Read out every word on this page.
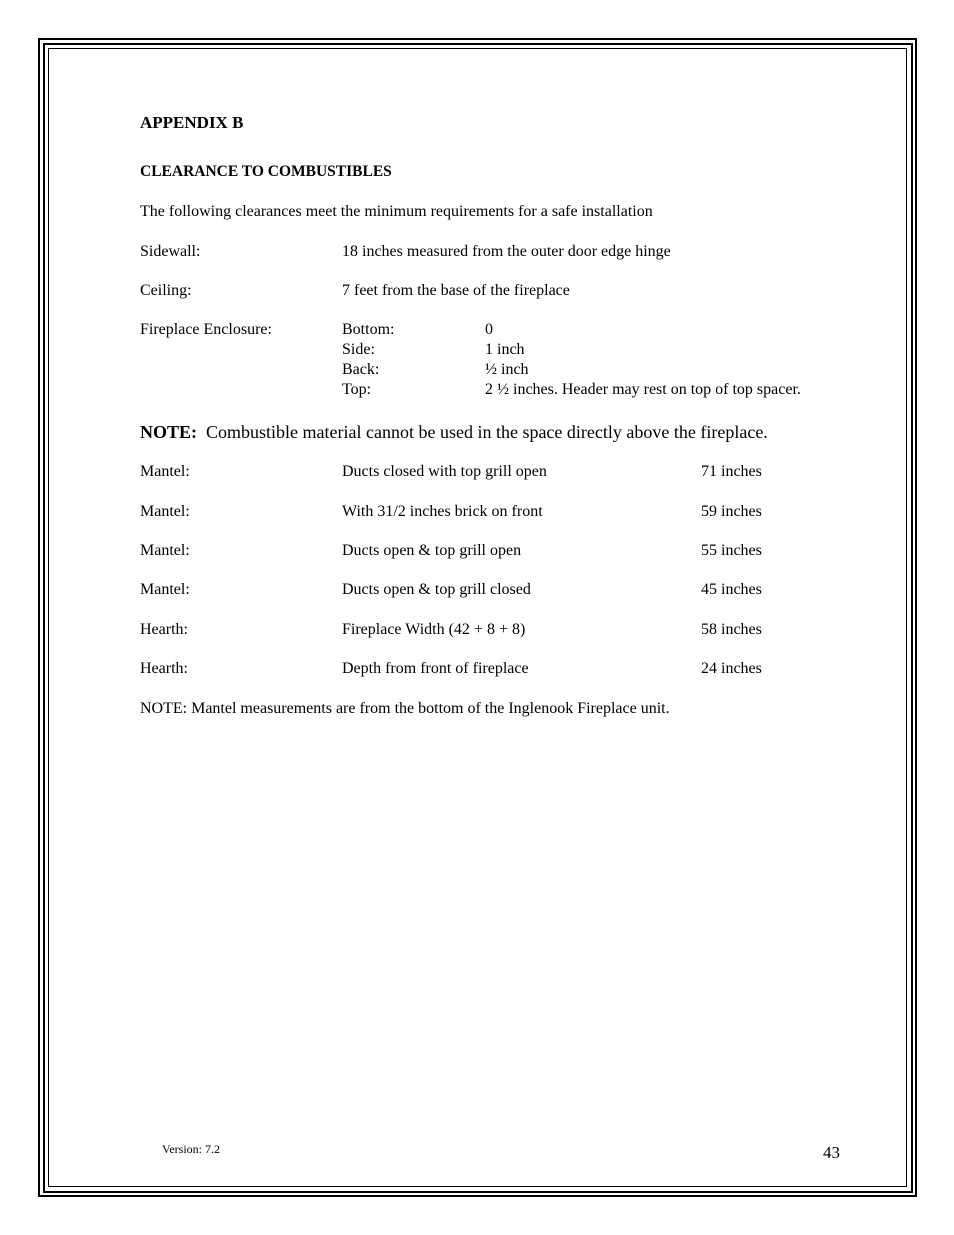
APPENDIX B
CLEARANCE TO COMBUSTIBLES
The following clearances meet the minimum requirements for a safe installation
Sidewall:	18 inches measured from the outer door edge hinge
Ceiling:	7 feet from the base of the fireplace
Fireplace Enclosure:	Bottom:	0
Side:	1 inch
Back:	½ inch
Top:	2 ½ inches. Header may rest on top of top spacer.
NOTE: Combustible material cannot be used in the space directly above the fireplace.
Mantel:	Ducts closed with top grill open	71 inches
Mantel:	With 31/2 inches brick on front	59 inches
Mantel:	Ducts open & top grill open	55 inches
Mantel:	Ducts open & top grill closed	45 inches
Hearth:	Fireplace Width (42 + 8 + 8)	58 inches
Hearth:	Depth from front of fireplace	24 inches
NOTE: Mantel measurements are from the bottom of the Inglenook Fireplace unit.
Version: 7.2	43
